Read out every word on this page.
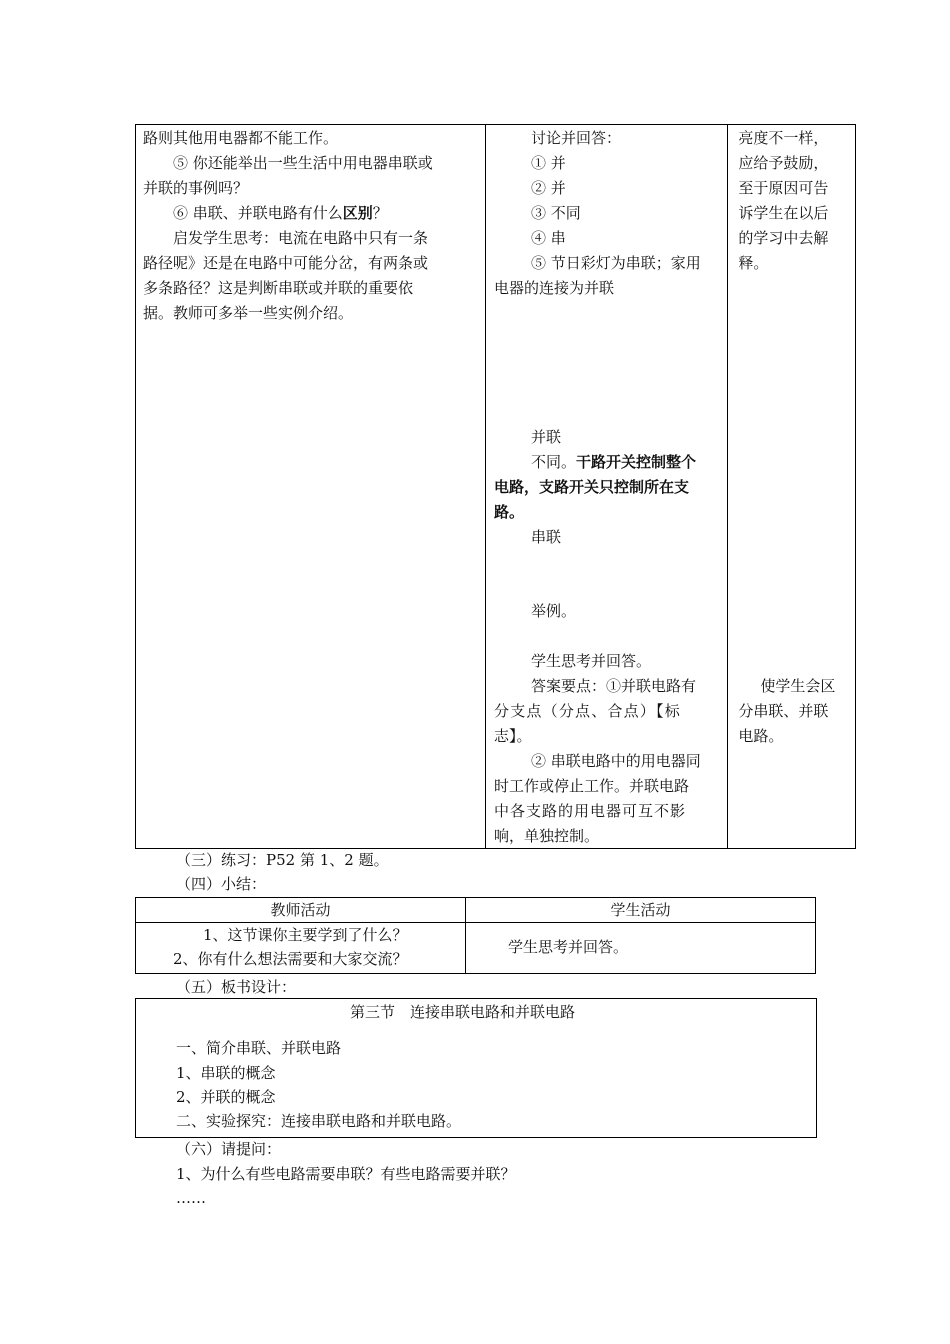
路则其他用电器都不能工作。
⑤ 你还能举出一些生活中用电器串联或
并联的事例吗？
⑥ 串联、并联电路有什么区别？
启发学生思考：电流在电路中只有一条
路径呢》还是在电路中可能分岔，有两条或
多条路径？这是判断串联或并联的重要依
据。教师可多举一些实例介绍。

讨论并回答：
① 并
② 并
③ 不同
④ 串
⑤ 节日彩灯为串联；家用
电器的连接为并联
并联
不同。干路开关控制整个
电路，支路开关只控制所在支
路。
串联
举例。
学生思考并回答。
答案要点：①并联电路有
分支点（分点、合点）【标
志】。
② 串联电路中的用电器同
时工作或停止工作。并联电路
中各支路的用电器可互不影
响，单独控制。

亮度不一样，
应给予鼓励，
至于原因可告
诉学生在以后
的学习中去解
释。
使学生会区
分串联、并联
电路。
（三）练习：P52 第 1、2 题。
（四）小结：
教师活动	学生活动

1、这节课你主要学到了什么？
2、你有什么想法需要和大家交流？	学生思考并回答。
（五）板书设计：
第三节　连接串联电路和并联电路
一、简介串联、并联电路
1、串联的概念
2、并联的概念
二、实验探究：连接串联电路和并联电路。
（六）请提问：
1、为什么有些电路需要串联？有些电路需要并联？
……
